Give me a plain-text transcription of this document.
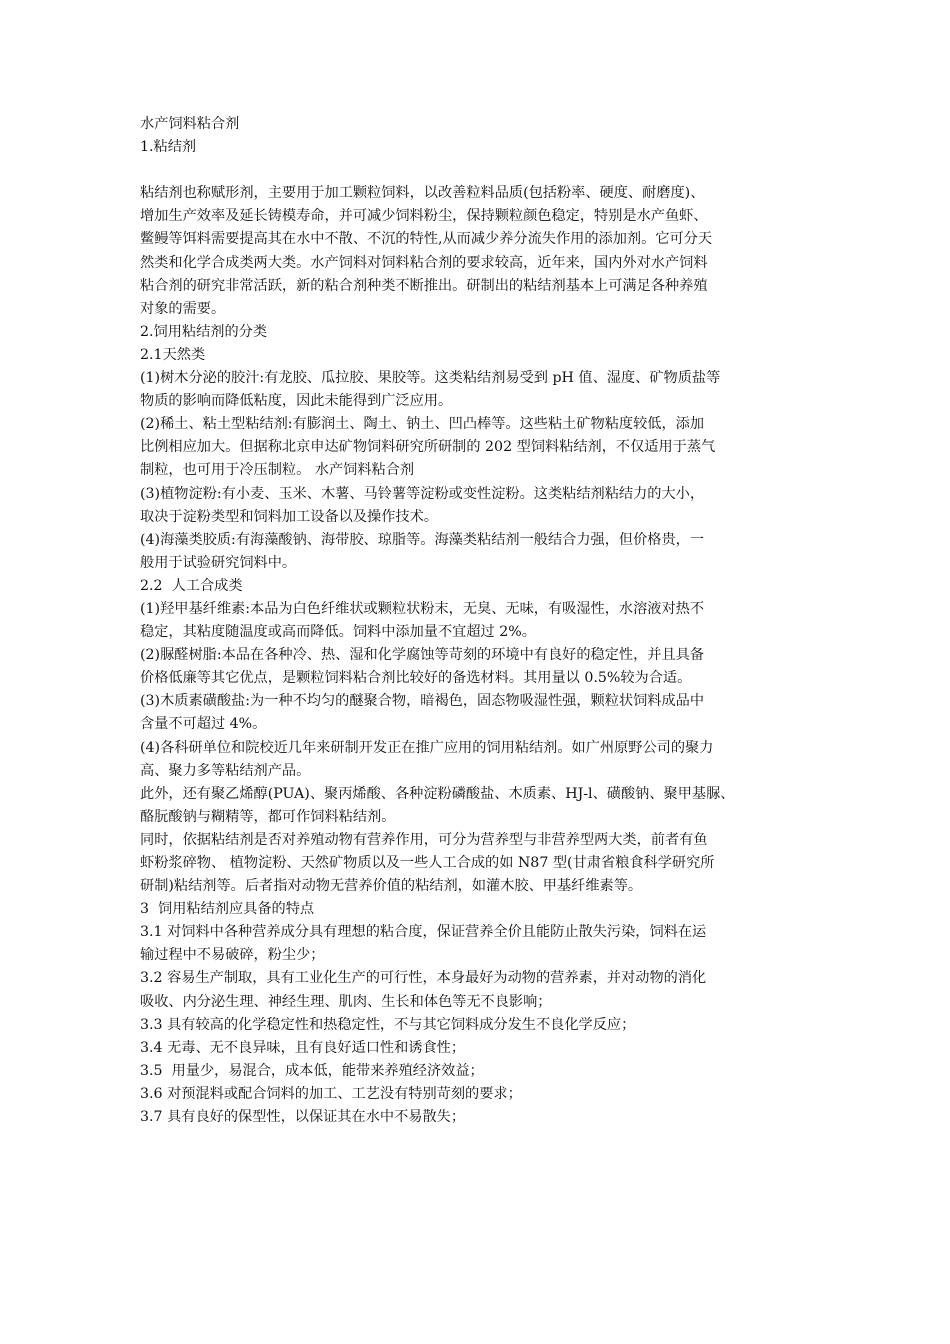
水产饲料粘合剂
1.粘结剂
粘结剂也称赋形剂，主要用于加工颗粒饲料，以改善粒料品质(包括粉率、硬度、耐磨度)、
增加生产效率及延长铸模寿命，并可减少饲料粉尘，保持颗粒颜色稳定，特别是水产鱼虾、
鳖鳗等饵料需要提高其在水中不散、不沉的特性,从而减少养分流失作用的添加剂。它可分天
然类和化学合成类两大类。水产饲料对饲料粘合剂的要求较高，近年来，国内外对水产饲料
粘合剂的研究非常活跃，新的粘合剂种类不断推出。研制出的粘结剂基本上可满足各种养殖
对象的需要。
2.饲用粘结剂的分类
2.1天然类
(1)树木分泌的胶汁:有龙胶、瓜拉胶、果胶等。这类粘结剂易受到 pH 值、湿度、矿物质盐等
物质的影响而降低粘度，因此未能得到广泛应用。
(2)稀土、粘土型粘结剂:有膨润土、陶土、钠土、凹凸棒等。这些粘土矿物粘度较低，添加
比例相应加大。但据称北京申达矿物饲料研究所研制的 202 型饲料粘结剂，不仅适用于蒸气
制粒，也可用于冷压制粒。 水产饲料粘合剂
(3)植物淀粉:有小麦、玉米、木薯、马铃薯等淀粉或变性淀粉。这类粘结剂粘结力的大小，
取决于淀粉类型和饲料加工设备以及操作技术。
(4)海藻类胶质:有海藻酸钠、海带胶、琼脂等。海藻类粘结剂一般结合力强，但价格贵，一
般用于试验研究饲料中。
2.2  人工合成类
(1)羟甲基纤维素:本品为白色纤维状或颗粒状粉末，无臭、无味，有吸湿性，水溶液对热不
稳定，其粘度随温度或高而降低。饲料中添加量不宜超过 2%。
(2)脲醛树脂:本品在各种冷、热、湿和化学腐蚀等苛刻的环境中有良好的稳定性，并且具备
价格低廉等其它优点，是颗粒饲料粘合剂比较好的备选材料。其用量以 0.5%较为合适。
(3)木质素磺酸盐:为一种不均匀的醚聚合物，暗褐色，固态物吸湿性强，颗粒状饲料成品中
含量不可超过 4%。
(4)各科研单位和院校近几年来研制开发正在推广应用的饲用粘结剂。如广州原野公司的聚力
高、聚力多等粘结剂产品。
此外，还有聚乙烯醇(PUA)、聚丙烯酸、各种淀粉磷酸盐、木质素、HJ-l、磺酸钠、聚甲基脲、
酪朊酸钠与糊精等，都可作饲料粘结剂。
同时，依据粘结剂是否对养殖动物有营养作用，可分为营养型与非营养型两大类，前者有鱼
虾粉浆碎物、 植物淀粉、天然矿物质以及一些人工合成的如 N87 型(甘肃省粮食科学研究所
研制)粘结剂等。后者指对动物无营养价值的粘结剂，如灌木胶、甲基纤维素等。
3  饲用粘结剂应具备的特点
3.1 对饲料中各种营养成分具有理想的粘合度，保证营养全价且能防止散失污染，饲料在运
输过程中不易破碎，粉尘少；
3.2 容易生产制取，具有工业化生产的可行性，本身最好为动物的营养素，并对动物的消化
吸收、内分泌生理、神经生理、肌肉、生长和体色等无不良影响；
3.3 具有较高的化学稳定性和热稳定性，不与其它饲料成分发生不良化学反应；
3.4 无毒、无不良异味，且有良好适口性和诱食性；
3.5  用量少，易混合，成本低，能带来养殖经济效益；
3.6 对预混料或配合饲料的加工、工艺没有特别苛刻的要求；
3.7 具有良好的保型性，以保证其在水中不易散失；
